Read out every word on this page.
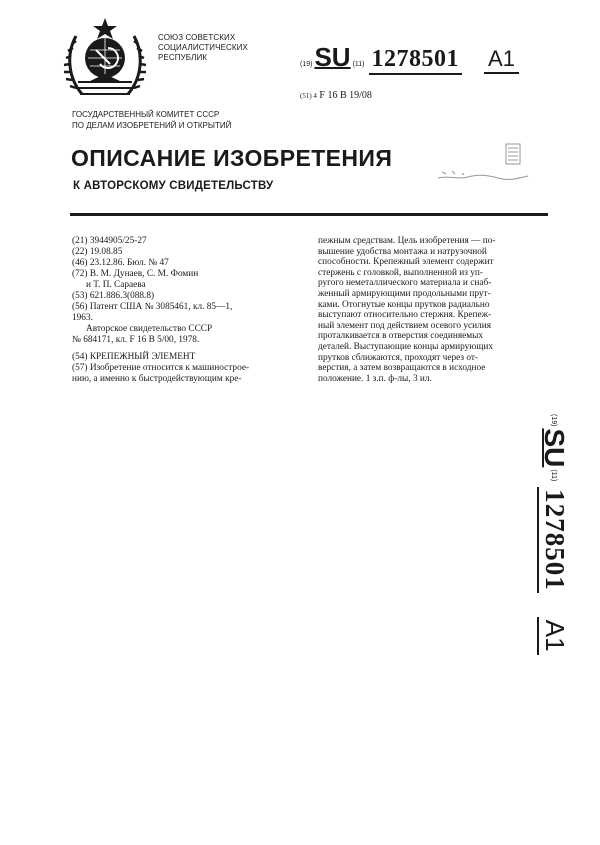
СОЮЗ СОВЕТСКИХ
СОЦИАЛИСТИЧЕСКИХ
РЕСПУБЛИК
(19) SU (11) 1278501 A1
(51) 4 F 16 B 19/08
ГОСУДАРСТВЕННЫЙ КОМИТЕТ СССР
ПО ДЕЛАМ ИЗОБРЕТЕНИЙ И ОТКРЫТИЙ
ОПИСАНИЕ ИЗОБРЕТЕНИЯ
К АВТОРСКОМУ СВИДЕТЕЛЬСТВУ
(21) 3944905/25-27
(22) 19.08.85
(46) 23.12.86. Бюл. № 47
(72) В. М. Дунаев, С. М. Фомин
и Т. П. Сараева
(53) 621.886.3(088.8)
(56) Патент США № 3085461, кл. 85—1,
1963.
Авторское свидетельство СССР
№ 684171, кл. F 16 B 5/00, 1978.
(54) КРЕПЕЖНЫЙ ЭЛЕМЕНТ
(57) Изобретение относится к машинострое-
нию, а именно к быстродействующим кре-
пежным средствам. Цель изобретения — по-
вышение удобства монтажа и натрузочной
способности. Крепежный элемент содержит
стержень с головкой, выполненной из уп-
ругого неметаллического материала и снаб-
женный армирующими продольными прут-
ками. Отогнутые концы прутков радиально
выступают относительно стержня. Крепеж-
ный элемент под действием осевого усилия
проталкивается в отверстия соединяемых
деталей. Выступающие концы армирующих
прутков сближаются, проходят через от-
верстия, а затем возвращаются в исходное
положение. 1 з.п. ф-лы, 3 ил.
(19)
SU
(11)
1278501
A1
